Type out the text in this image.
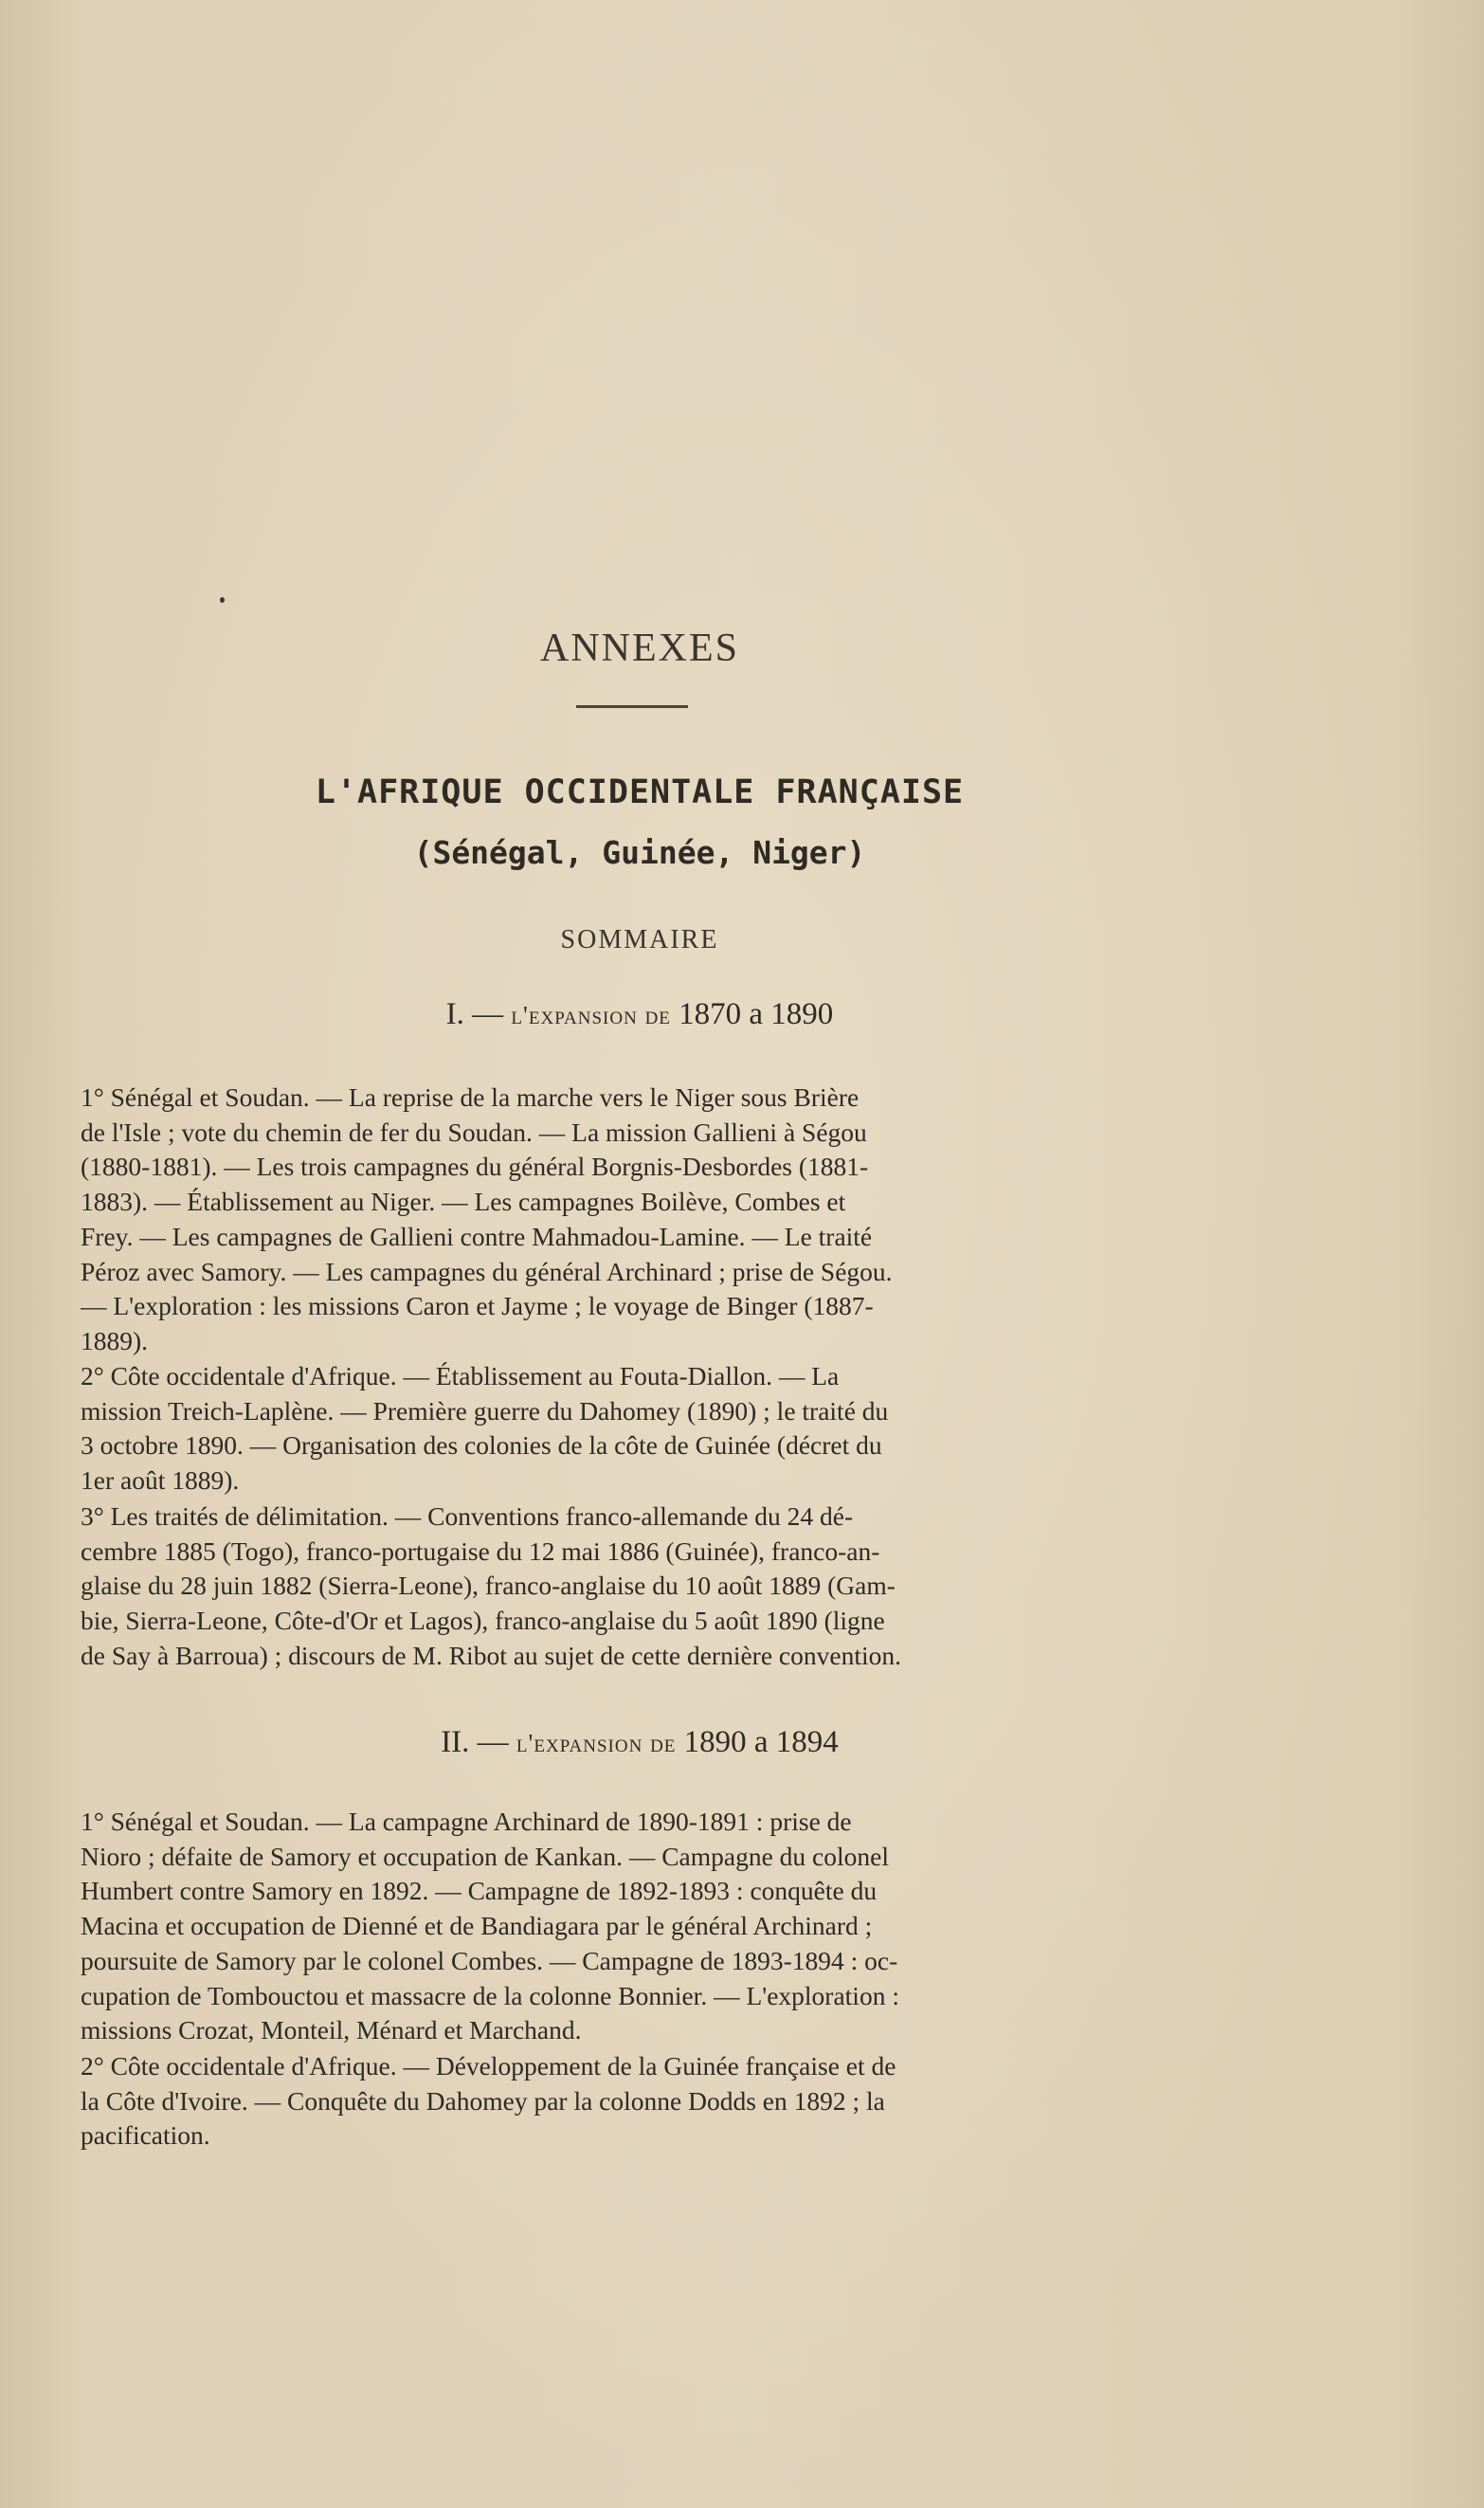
ANNEXES
L'AFRIQUE OCCIDENTALE FRANÇAISE
(Sénégal, Guinée, Niger)
SOMMAIRE
I. — l'expansion de 1870 a 1890
1° Sénégal et Soudan. — La reprise de la marche vers le Niger sous Brière
de l'Isle ; vote du chemin de fer du Soudan. — La mission Gallieni à Ségou
(1880-1881). — Les trois campagnes du général Borgnis-Desbordes (1881-
1883). — Établissement au Niger. — Les campagnes Boilève, Combes et
Frey. — Les campagnes de Gallieni contre Mahmadou-Lamine. — Le traité
Péroz avec Samory. — Les campagnes du général Archinard ; prise de Ségou.
— L'exploration : les missions Caron et Jayme ; le voyage de Binger (1887-
1889).
2° Côte occidentale d'Afrique. — Établissement au Fouta-Diallon. — La
mission Treich-Laplène. — Première guerre du Dahomey (1890) ; le traité du
3 octobre 1890. — Organisation des colonies de la côte de Guinée (décret du
1er août 1889).
3° Les traités de délimitation. — Conventions franco-allemande du 24 dé-
cembre 1885 (Togo), franco-portugaise du 12 mai 1886 (Guinée), franco-an-
glaise du 28 juin 1882 (Sierra-Leone), franco-anglaise du 10 août 1889 (Gam-
bie, Sierra-Leone, Côte-d'Or et Lagos), franco-anglaise du 5 août 1890 (ligne
de Say à Barroua) ; discours de M. Ribot au sujet de cette dernière convention.
II. — l'expansion de 1890 a 1894
1° Sénégal et Soudan. — La campagne Archinard de 1890-1891 : prise de
Nioro ; défaite de Samory et occupation de Kankan. — Campagne du colonel
Humbert contre Samory en 1892. — Campagne de 1892-1893 : conquête du
Macina et occupation de Dienné et de Bandiagara par le général Archinard ;
poursuite de Samory par le colonel Combes. — Campagne de 1893-1894 : oc-
cupation de Tombouctou et massacre de la colonne Bonnier. — L'exploration :
missions Crozat, Monteil, Ménard et Marchand.
2° Côte occidentale d'Afrique. — Développement de la Guinée française et de
la Côte d'Ivoire. — Conquête du Dahomey par la colonne Dodds en 1892 ; la
pacification.
